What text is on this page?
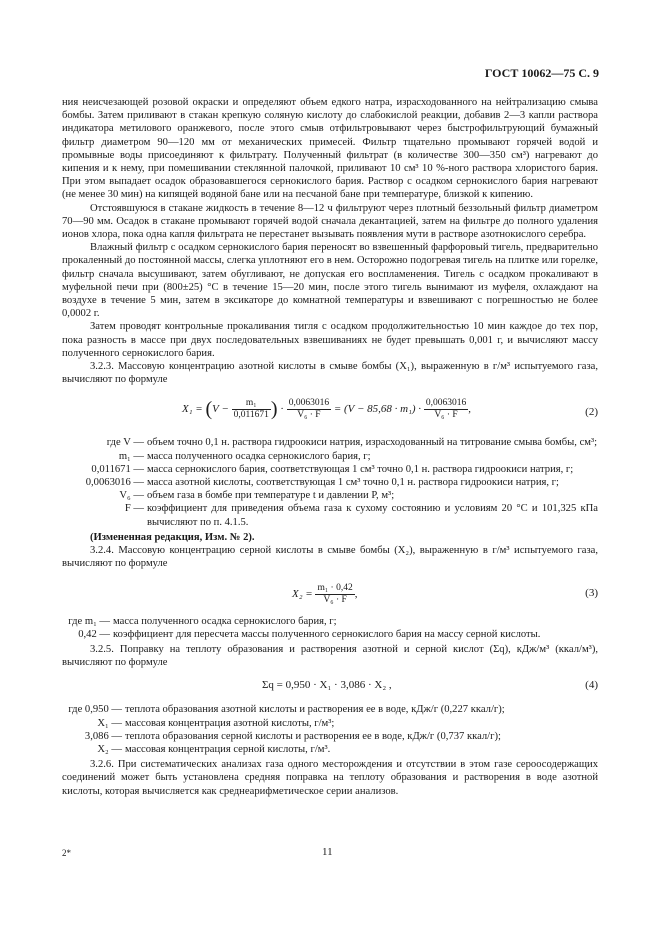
ГОСТ 10062—75 С. 9

ния неисчезающей розовой окраски и определяют объем едкого натра, израсходованного на нейтрализацию смыва бомбы. Затем приливают в стакан крепкую соляную кислоту до слабокислой реакции, добавив 2—3 капли раствора индикатора метилового оранжевого, после этого смыв отфильтровывают через быстрофильтрующий бумажный фильтр диаметром 90—120 мм от механических примесей. Фильтр тщательно промывают горячей водой и промывные воды присоединяют к фильтрату. Полученный фильтрат (в количестве 300—350 см³) нагревают до кипения и к нему, при помешивании стеклянной палочкой, приливают 10 см³ 10 %-ного раствора хлористого бария. При этом выпадает осадок образовавшегося сернокислого бария. Раствор с осадком сернокислого бария нагревают (не менее 30 мин) на кипящей водяной бане или на песчаной бане при температуре, близкой к кипению.

Отстоявшуюся в стакане жидкость в течение 8—12 ч фильтруют через плотный беззольный фильтр диаметром 70—90 мм. Осадок в стакане промывают горячей водой сначала декантацией, затем на фильтре до полного удаления ионов хлора, пока одна капля фильтрата не перестанет вызывать появления мути в растворе азотнокислого серебра.

Влажный фильтр с осадком сернокислого бария переносят во взвешенный фарфоровый тигель, предварительно прокаленный до постоянной массы, слегка уплотняют его в нем. Осторожно подогревая тигель на плитке или горелке, фильтр сначала высушивают, затем обугливают, не допуская его воспламенения. Тигель с осадком прокаливают в муфельной печи при (800±25) °С в течение 15—20 мин, после этого тигель вынимают из муфеля, охлаждают на воздухе в течение 5 мин, затем в эксикаторе до комнатной температуры и взвешивают с погрешностью не более 0,0002 г.

Затем проводят контрольные прокаливания тигля с осадком продолжительностью 10 мин каждое до тех пор, пока разность в массе при двух последовательных взвешиваниях не будет превышать 0,001 г, и вычисляют массу полученного сернокислого бария.

3.2.3. Массовую концентрацию азотной кислоты в смыве бомбы (X₁), выраженную в г/м³ испытуемого газа, вычисляют по формуле

$X_1 = (V - \frac{\text{m₁}}{0,011671}$ ) · $\frac{0,0063016}{\text{V₆ · F}} = (V - 85,68 \cdot m_1) \cdot \frac{0,0063016}{\text{V₆ · F}}$ ,	(2)
где V — объем точно 0,1 н. раствора гидроокиси натрия, израсходованный на титрование смыва бомбы, см³;
m₁ — масса полученного осадка сернокислого бария, г;
0,011671 — масса сернокислого бария, соответствующая 1 см³ точно 0,1 н. раствора гидроокиси натрия, г;
0,0063016 — масса азотной кислоты, соответствующая 1 см³ точно 0,1 н. раствора гидроокиси натрия, г;
V₆ — объем газа в бомбе при температуре t и давлении P, м³;
F — коэффициент для приведения объема газа к сухому состоянию и условиям 20 °С и 101,325 кПа вычисляют по п. 4.1.5.

(Измененная редакция, Изм. № 2).

3.2.4. Массовую концентрацию серной кислоты в смыве бомбы (X₂), выраженную в г/м³ испытуемого газа, вычисляют по формуле

$X_2 = \frac{\text{m₁ · 0,42}}{\text{V₆ · F}}$ ,	(3)
где m₁ — масса полученного осадка сернокислого бария, г;
0,42 — коэффициент для пересчета массы полученного сернокислого бария на массу серной кислоты.

3.2.5. Поправку на теплоту образования и растворения азотной и серной кислот (Σq), кДж/м³ (ккал/м³), вычисляют по формуле

Σq = 0,950 · X₁ · 3,086 · X₂ ,	(4)
где 0,950 — теплота образования азотной кислоты и растворения ее в воде, кДж/г (0,227 ккал/г);
X₁ — массовая концентрация азотной кислоты, г/м³;
3,086 — теплота образования серной кислоты и растворения ее в воде, кДж/г (0,737 ккал/г);
X₂ — массовая концентрация серной кислоты, г/м³.

3.2.6. При систематических анализах газа одного месторождения и отсутствии в этом газе сероосодержащих соединений может быть установлена средняя поправка на теплоту образования и растворения в воде азотной кислоты, которая вычисляется как среднеарифметическое серии анализов.

2*	11
